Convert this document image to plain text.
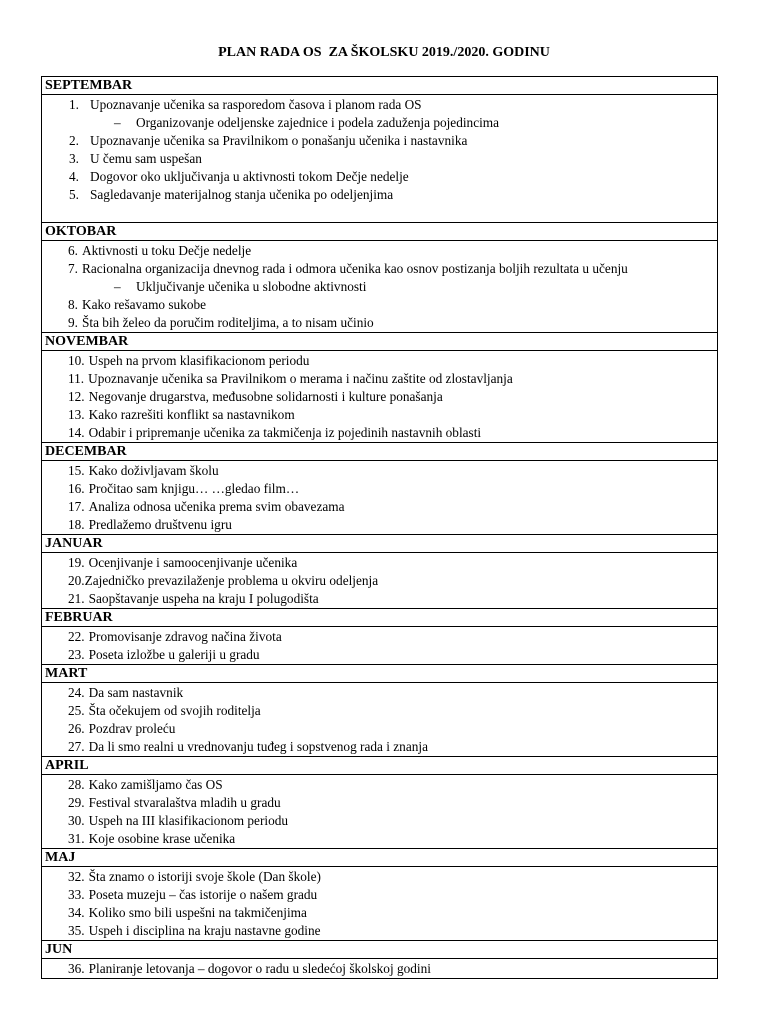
PLAN RADA OS  ZA ŠKOLSKU 2019./2020. GODINU
SEPTEMBAR
1. Upoznavanje učenika sa rasporedom časova i planom rada OS
– Organizovanje odeljenske zajednice i podela zaduženja pojedincima
2. Upoznavanje učenika sa Pravilnikom o ponašanju učenika i nastavnika
3. U čemu sam uspešan
4. Dogovor oko uključivanja u aktivnosti tokom Dečje nedelje
5. Sagledavanje materijalnog stanja učenika po odeljenjima
OKTOBAR
6. Aktivnosti u toku Dečje nedelje
7. Racionalna organizacija dnevnog rada i odmora učenika kao osnov postizanja boljih rezultata u učenju
– Uključivanje učenika u slobodne aktivnosti
8. Kako rešavamo sukobe
9. Šta bih želeo da poručim roditeljima, a to nisam učinio
NOVEMBAR
10. Uspeh na prvom klasifikacionom periodu
11. Upoznavanje učenika sa Pravilnikom o merama i načinu zaštite od zlostavljanja
12. Negovanje drugarstva, međusobne solidarnosti i kulture ponašanja
13. Kako razrešiti konflikt sa nastavnikom
14. Odabir i pripremanje učenika za takmičenja iz pojedinih nastavnih oblasti
DECEMBAR
15. Kako doživljavam školu
16. Pročitao sam knjigu… …gledao film…
17. Analiza odnosa učenika prema svim obavezama
18. Predlažemo društvenu igru
JANUAR
19. Ocenjivanje i samoocenjivanje učenika
20.Zajedničko prevazilaženje problema u okviru odeljenja
21. Saopštavanje uspeha na kraju I polugodišta
FEBRUAR
22. Promovisanje zdravog načina života
23. Poseta izložbe u galeriji u gradu
MART
24. Da sam nastavnik
25. Šta očekujem od svojih roditelja
26. Pozdrav proleću
27. Da li smo realni u vrednovanju tuđeg i sopstvenog rada i znanja
APRIL
28. Kako zamišljamo čas OS
29. Festival stvaralaštva mladih u gradu
30. Uspeh na III klasifikacionom periodu
31. Koje osobine krase učenika
MAJ
32. Šta znamo o istoriji svoje škole (Dan škole)
33. Poseta muzeju – čas istorije o našem gradu
34. Koliko smo bili uspešni na takmičenjima
35. Uspeh i disciplina na kraju nastavne godine
JUN
36. Planiranje letovanja – dogovor o radu u sledećoj školskoj godini
